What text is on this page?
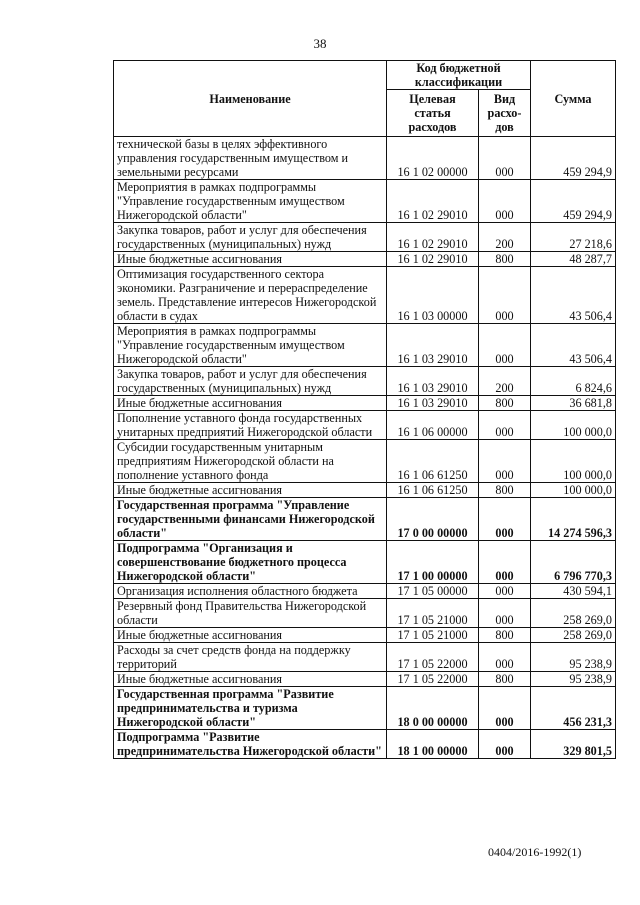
38
Наименование	Код бюджетной классификации		Сумма
	Целевая статья расходов	Вид расхо-дов	
технической базы в целях эффективного управления государственным имуществом и земельными ресурсами	16 1 02 00000	000	459 294,9
Мероприятия в рамках подпрограммы "Управление государственным имуществом Нижегородской области"	16 1 02 29010	000	459 294,9
Закупка товаров, работ и услуг для обеспечения государственных (муниципальных) нужд	16 1 02 29010	200	27 218,6
Иные бюджетные ассигнования	16 1 02 29010	800	48 287,7
Оптимизация государственного сектора экономики. Разграничение и перераспределение земель. Представление интересов Нижегородской области в судах	16 1 03 00000	000	43 506,4
Мероприятия в рамках подпрограммы "Управление государственным имуществом Нижегородской области"	16 1 03 29010	000	43 506,4
Закупка товаров, работ и услуг для обеспечения государственных (муниципальных) нужд	16 1 03 29010	200	6 824,6
Иные бюджетные ассигнования	16 1 03 29010	800	36 681,8
Пополнение уставного фонда государственных унитарных предприятий Нижегородской области	16 1 06 00000	000	100 000,0
Субсидии государственным унитарным предприятиям Нижегородской области на пополнение уставного фонда	16 1 06 61250	000	100 000,0
Иные бюджетные ассигнования	16 1 06 61250	800	100 000,0
Государственная программа "Управление государственными финансами Нижегородской области"	17 0 00 00000	000	14 274 596,3
Подпрограмма "Организация и совершенствование бюджетного процесса Нижегородской области"	17 1 00 00000	000	6 796 770,3
Организация исполнения областного бюджета	17 1 05 00000	000	430 594,1
Резервный фонд Правительства Нижегородской области	17 1 05 21000	000	258 269,0
Иные бюджетные ассигнования	17 1 05 21000	800	258 269,0
Расходы за счет средств фонда на поддержку территорий	17 1 05 22000	000	95 238,9
Иные бюджетные ассигнования	17 1 05 22000	800	95 238,9
Государственная программа "Развитие предпринимательства и туризма Нижегородской области"	18 0 00 00000	000	456 231,3
Подпрограмма "Развитие предпринимательства Нижегородской области"	18 1 00 00000	000	329 801,5
0404/2016-1992(1)
